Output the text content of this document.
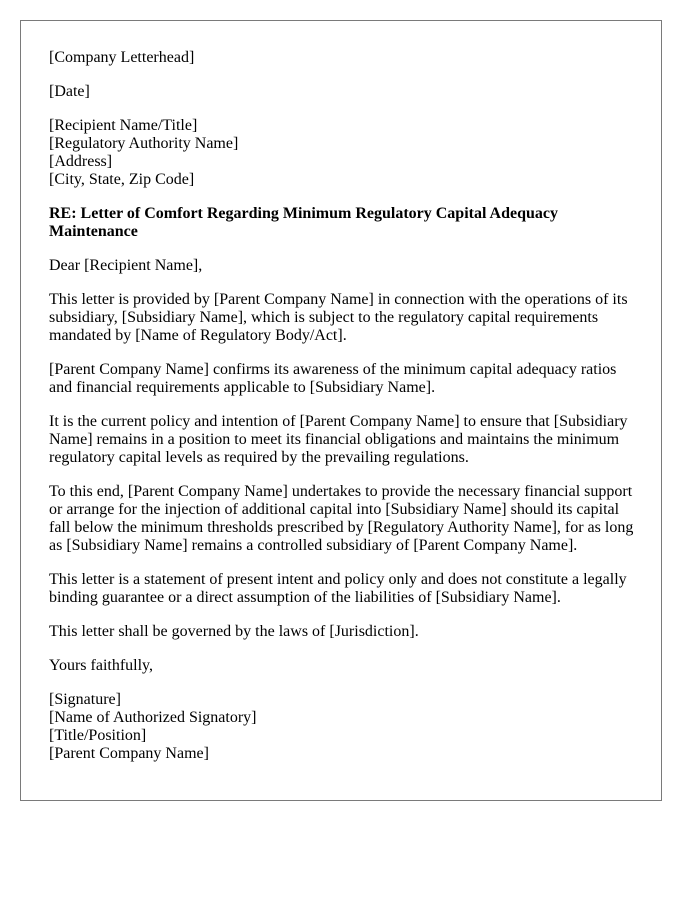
[Company Letterhead]

[Date]

[Recipient Name/Title]

[Regulatory Authority Name]

[Address]

[City, State, Zip Code]

RE: Letter of Comfort Regarding Minimum Regulatory Capital Adequacy Maintenance

Dear [Recipient Name],

This letter is provided by [Parent Company Name] in connection with the operations of its subsidiary, [Subsidiary Name], which is subject to the regulatory capital requirements mandated by [Name of Regulatory Body/Act].

[Parent Company Name] confirms its awareness of the minimum capital adequacy ratios and financial requirements applicable to [Subsidiary Name].

It is the current policy and intention of [Parent Company Name] to ensure that [Subsidiary Name] remains in a position to meet its financial obligations and maintains the minimum regulatory capital levels as required by the prevailing regulations.

To this end, [Parent Company Name] undertakes to provide the necessary financial support or arrange for the injection of additional capital into [Subsidiary Name] should its capital fall below the minimum thresholds prescribed by [Regulatory Authority Name], for as long as [Subsidiary Name] remains a controlled subsidiary of [Parent Company Name].

This letter is a statement of present intent and policy only and does not constitute a legally binding guarantee or a direct assumption of the liabilities of [Subsidiary Name].

This letter shall be governed by the laws of [Jurisdiction].

Yours faithfully,

[Signature]

[Name of Authorized Signatory]

[Title/Position]

[Parent Company Name]
